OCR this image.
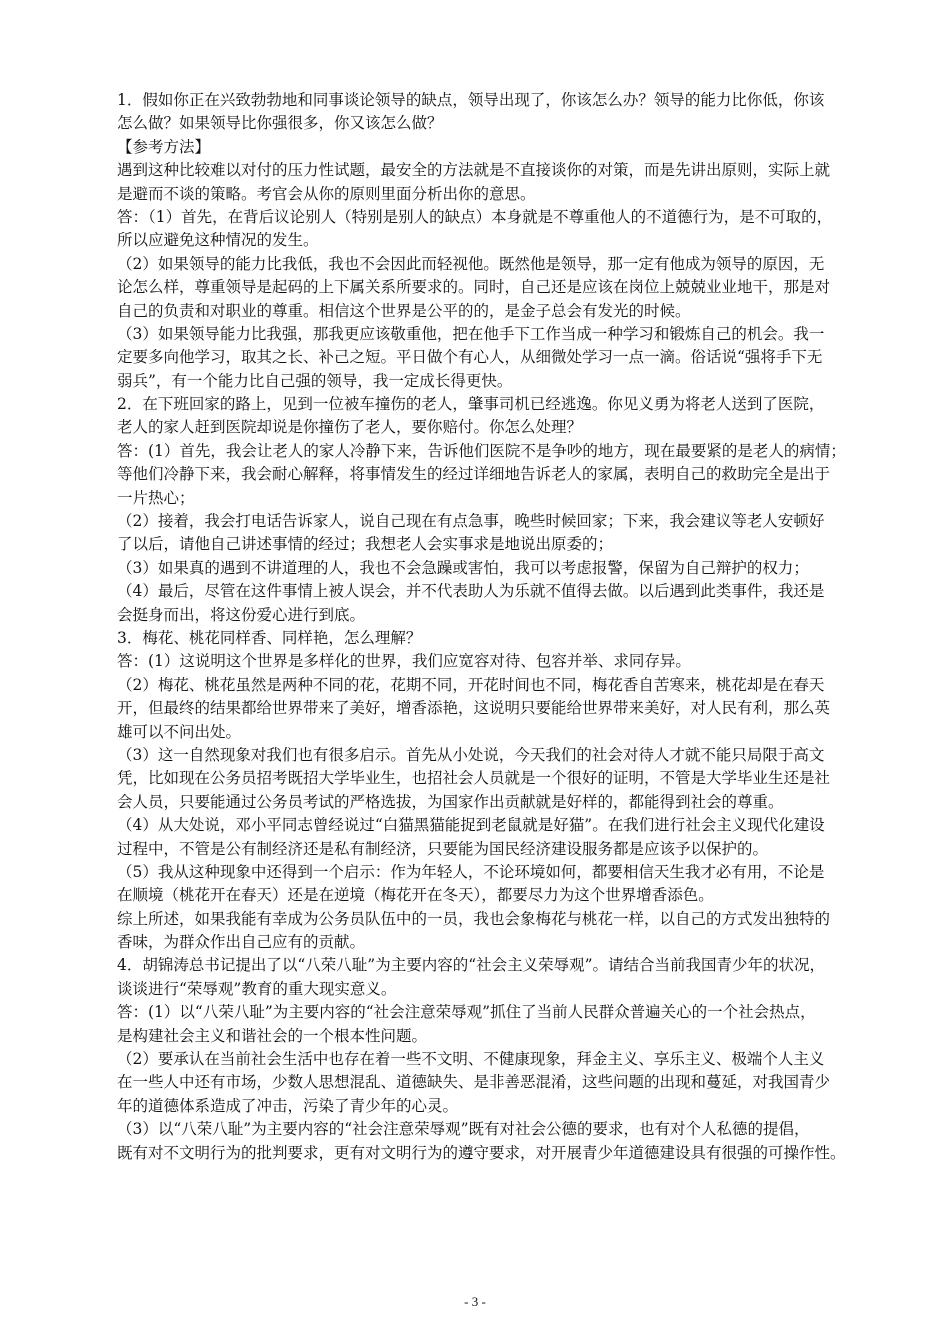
1．假如你正在兴致勃勃地和同事谈论领导的缺点，领导出现了，你该怎么办？领导的能力比你低，你该
怎么做？如果领导比你强很多，你又该怎么做？
【参考方法】
遇到这种比较难以对付的压力性试题，最安全的方法就是不直接谈你的对策，而是先讲出原则，实际上就
是避而不谈的策略。考官会从你的原则里面分析出你的意思。
答：（1）首先，在背后议论别人（特别是别人的缺点）本身就是不尊重他人的不道德行为，是不可取的，
所以应避免这种情况的发生。
（2）如果领导的能力比我低，我也不会因此而轻视他。既然他是领导，那一定有他成为领导的原因，无
论怎么样，尊重领导是起码的上下属关系所要求的。同时，自己还是应该在岗位上兢兢业业地干，那是对
自己的负责和对职业的尊重。相信这个世界是公平的的，是金子总会有发光的时候。
（3）如果领导能力比我强，那我更应该敬重他，把在他手下工作当成一种学习和锻炼自己的机会。我一
定要多向他学习，取其之长、补己之短。平日做个有心人，从细微处学习一点一滴。俗话说“强将手下无
弱兵”，有一个能力比自己强的领导，我一定成长得更快。
2．在下班回家的路上，见到一位被车撞伤的老人，肇事司机已经逃逸。你见义勇为将老人送到了医院，
老人的家人赶到医院却说是你撞伤了老人，要你赔付。你怎么处理？
答：(1）首先，我会让老人的家人冷静下来，告诉他们医院不是争吵的地方，现在最要紧的是老人的病情；
等他们冷静下来，我会耐心解释，将事情发生的经过详细地告诉老人的家属，表明自己的救助完全是出于
一片热心；
（2）接着，我会打电话告诉家人，说自己现在有点急事，晚些时候回家；下来，我会建议等老人安顿好
了以后，请他自己讲述事情的经过；我想老人会实事求是地说出原委的；
（3）如果真的遇到不讲道理的人，我也不会急躁或害怕，我可以考虑报警，保留为自己辩护的权力；
（4）最后，尽管在这件事情上被人误会，并不代表助人为乐就不值得去做。以后遇到此类事件，我还是
会挺身而出，将这份爱心进行到底。
3．梅花、桃花同样香、同样艳，怎么理解？
答：(1）这说明这个世界是多样化的世界，我们应宽容对待、包容并举、求同存异。
（2）梅花、桃花虽然是两种不同的花，花期不同，开花时间也不同，梅花香自苦寒来，桃花却是在春天
开，但最终的结果都给世界带来了美好，增香添艳，这说明只要能给世界带来美好，对人民有利，那么英
雄可以不问出处。
（3）这一自然现象对我们也有很多启示。首先从小处说，今天我们的社会对待人才就不能只局限于高文
凭，比如现在公务员招考既招大学毕业生，也招社会人员就是一个很好的证明，不管是大学毕业生还是社
会人员，只要能通过公务员考试的严格选拔，为国家作出贡献就是好样的，都能得到社会的尊重。
（4）从大处说，邓小平同志曾经说过“白猫黑猫能捉到老鼠就是好猫”。在我们进行社会主义现代化建设
过程中，不管是公有制经济还是私有制经济，只要能为国民经济建设服务都是应该予以保护的。
（5）我从这种现象中还得到一个启示：作为年轻人，不论环境如何，都要相信天生我才必有用，不论是
在顺境（桃花开在春天）还是在逆境（梅花开在冬天），都要尽力为这个世界增香添色。
综上所述，如果我能有幸成为公务员队伍中的一员，我也会象梅花与桃花一样，以自己的方式发出独特的
香味，为群众作出自己应有的贡献。
4．胡锦涛总书记提出了以“八荣八耻”为主要内容的“社会主义荣辱观”。请结合当前我国青少年的状况，
谈谈进行“荣辱观”教育的重大现实意义。
答：(1）以“八荣八耻”为主要内容的“社会注意荣辱观”抓住了当前人民群众普遍关心的一个社会热点，
是构建社会主义和谐社会的一个根本性问题。
（2）要承认在当前社会生活中也存在着一些不文明、不健康现象，拜金主义、享乐主义、极端个人主义
在一些人中还有市场，少数人思想混乱、道德缺失、是非善恶混淆，这些问题的出现和蔓延，对我国青少
年的道德体系造成了冲击，污染了青少年的心灵。
（3）以“八荣八耻”为主要内容的“社会注意荣辱观”既有对社会公德的要求，也有对个人私德的提倡，
既有对不文明行为的批判要求，更有对文明行为的遵守要求，对开展青少年道德建设具有很强的可操作性。
- 3 -
